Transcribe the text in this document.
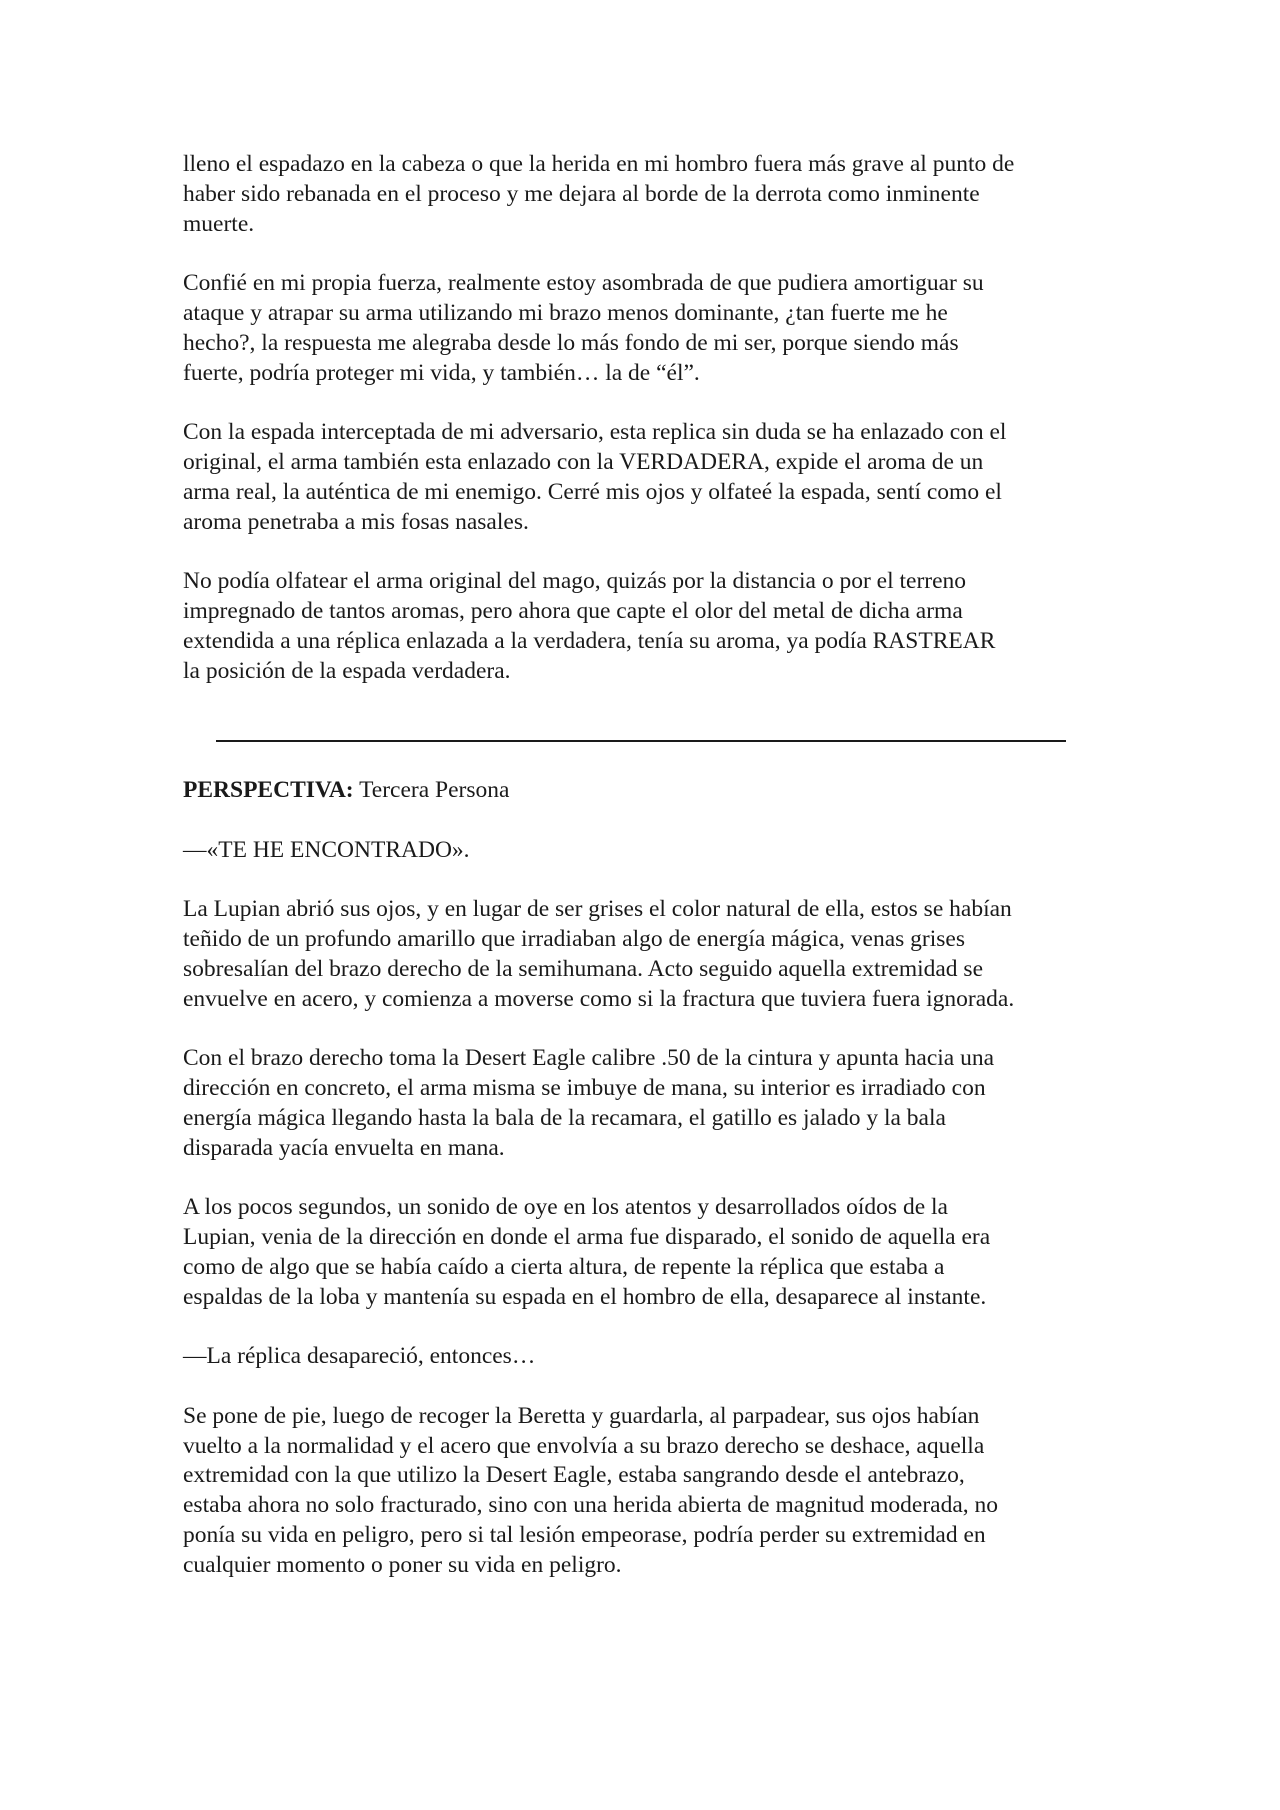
lleno el espadazo en la cabeza o que la herida en mi hombro fuera más grave al punto de
haber sido rebanada en el proceso y me dejara al borde de la derrota como inminente
muerte.

Confié en mi propia fuerza, realmente estoy asombrada de que pudiera amortiguar su
ataque y atrapar su arma utilizando mi brazo menos dominante, ¿tan fuerte me he
hecho?, la respuesta me alegraba desde lo más fondo de mi ser, porque siendo más
fuerte, podría proteger mi vida, y también… la de “él”.

Con la espada interceptada de mi adversario, esta replica sin duda se ha enlazado con el
original, el arma también esta enlazado con la VERDADERA, expide el aroma de un
arma real, la auténtica de mi enemigo. Cerré mis ojos y olfateé la espada, sentí como el
aroma penetraba a mis fosas nasales.

No podía olfatear el arma original del mago, quizás por la distancia o por el terreno
impregnado de tantos aromas, pero ahora que capte el olor del metal de dicha arma
extendida a una réplica enlazada a la verdadera, tenía su aroma, ya podía RASTREAR
la posición de la espada verdadera.

PERSPECTIVA: Tercera Persona

—«TE HE ENCONTRADO».

La Lupian abrió sus ojos, y en lugar de ser grises el color natural de ella, estos se habían
teñido de un profundo amarillo que irradiaban algo de energía mágica, venas grises
sobresalían del brazo derecho de la semihumana. Acto seguido aquella extremidad se
envuelve en acero, y comienza a moverse como si la fractura que tuviera fuera ignorada.

Con el brazo derecho toma la Desert Eagle calibre .50 de la cintura y apunta hacia una
dirección en concreto, el arma misma se imbuye de mana, su interior es irradiado con
energía mágica llegando hasta la bala de la recamara, el gatillo es jalado y la bala
disparada yacía envuelta en mana.

A los pocos segundos, un sonido de oye en los atentos y desarrollados oídos de la
Lupian, venia de la dirección en donde el arma fue disparado, el sonido de aquella era
como de algo que se había caído a cierta altura, de repente la réplica que estaba a
espaldas de la loba y mantenía su espada en el hombro de ella, desaparece al instante.

—La réplica desapareció, entonces…

Se pone de pie, luego de recoger la Beretta y guardarla, al parpadear, sus ojos habían
vuelto a la normalidad y el acero que envolvía a su brazo derecho se deshace, aquella
extremidad con la que utilizo la Desert Eagle, estaba sangrando desde el antebrazo,
estaba ahora no solo fracturado, sino con una herida abierta de magnitud moderada, no
ponía su vida en peligro, pero si tal lesión empeorase, podría perder su extremidad en
cualquier momento o poner su vida en peligro.
